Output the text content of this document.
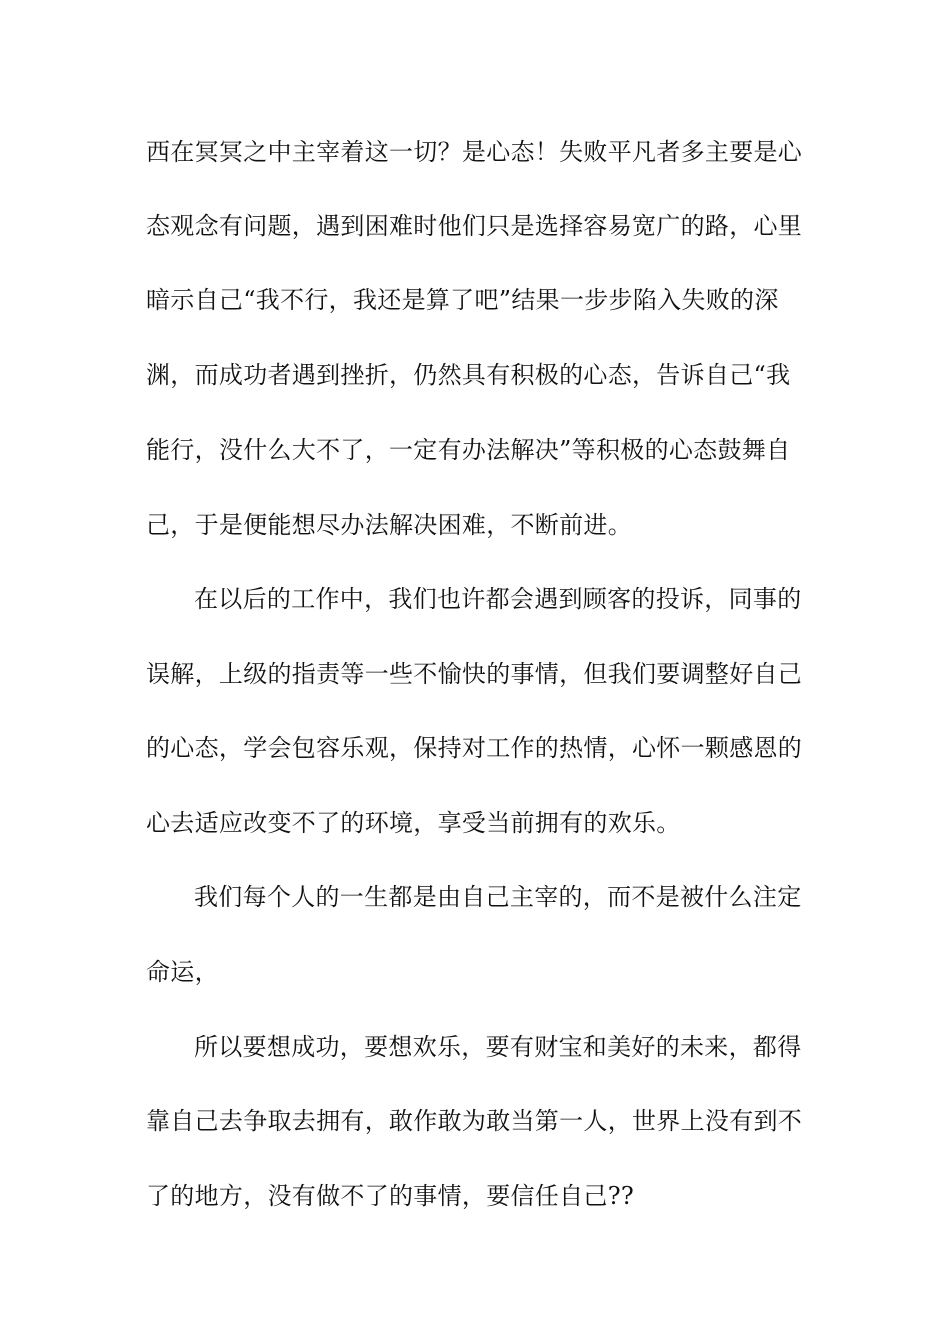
西在冥冥之中主宰着这一切？是心态！失败平凡者多主要是心
态观念有问题，遇到困难时他们只是选择容易宽广的路，心里
暗示自己“我不行，我还是算了吧”结果一步步陷入失败的深
渊，而成功者遇到挫折，仍然具有积极的心态，告诉自己“我
能行，没什么大不了，一定有办法解决”等积极的心态鼓舞自
己，于是便能想尽办法解决困难，不断前进。
在以后的工作中，我们也许都会遇到顾客的投诉，同事的
误解，上级的指责等一些不愉快的事情，但我们要调整好自己
的心态，学会包容乐观，保持对工作的热情，心怀一颗感恩的
心去适应改变不了的环境，享受当前拥有的欢乐。
我们每个人的一生都是由自己主宰的，而不是被什么注定
命运，
所以要想成功，要想欢乐，要有财宝和美好的未来，都得
靠自己去争取去拥有，敢作敢为敢当第一人，世界上没有到不
了的地方，没有做不了的事情，要信任自己??
